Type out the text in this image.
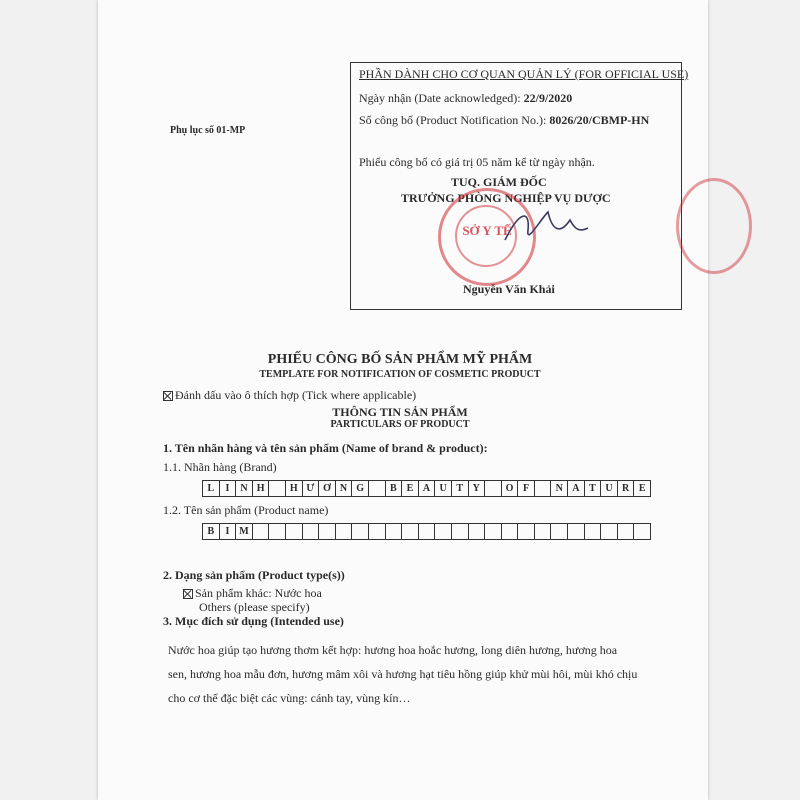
Phụ lục số 01-MP
PHẦN DÀNH CHO CƠ QUAN QUẢN LÝ (FOR OFFICIAL USE)
Ngày nhận (Date acknowledged): 22/9/2020
Số công bố (Product Notification No.): 8026/20/CBMP-HN
Phiếu công bố có giá trị 05 năm kể từ ngày nhận.
TUQ. GIÁM ĐỐC
TRƯỞNG PHÒNG NGHIỆP VỤ DƯỢC
Nguyễn Văn Khải
SỞ Y TẾ
PHIẾU CÔNG BỐ SẢN PHẨM MỸ PHẨM
TEMPLATE FOR NOTIFICATION OF COSMETIC PRODUCT
Đánh dấu vào ô thích hợp (Tick where applicable)
THÔNG TIN SẢN PHẨM
PARTICULARS OF PRODUCT
1. Tên nhãn hàng và tên sản phẩm (Name of brand & product):
1.1. Nhãn hàng (Brand)
L	I	N H	H Ư Ơ N G	B E A U T Y	O F	N A T U R E
1.2. Tên sản phẩm (Product name)
B	I M
2. Dạng sản phẩm (Product type(s))
Sản phẩm khác: Nước hoa
Others (please specify)
3. Mục đích sử dụng (Intended use)
Nước hoa giúp tạo hương thơm kết hợp: hương hoa hoắc hương, long diên hương, hương hoa sen, hương hoa mẫu đơn, hương mâm xôi và hương hạt tiêu hồng giúp khử mùi hôi, mùi khó chịu cho cơ thể đặc biệt các vùng: cánh tay, vùng kín…
